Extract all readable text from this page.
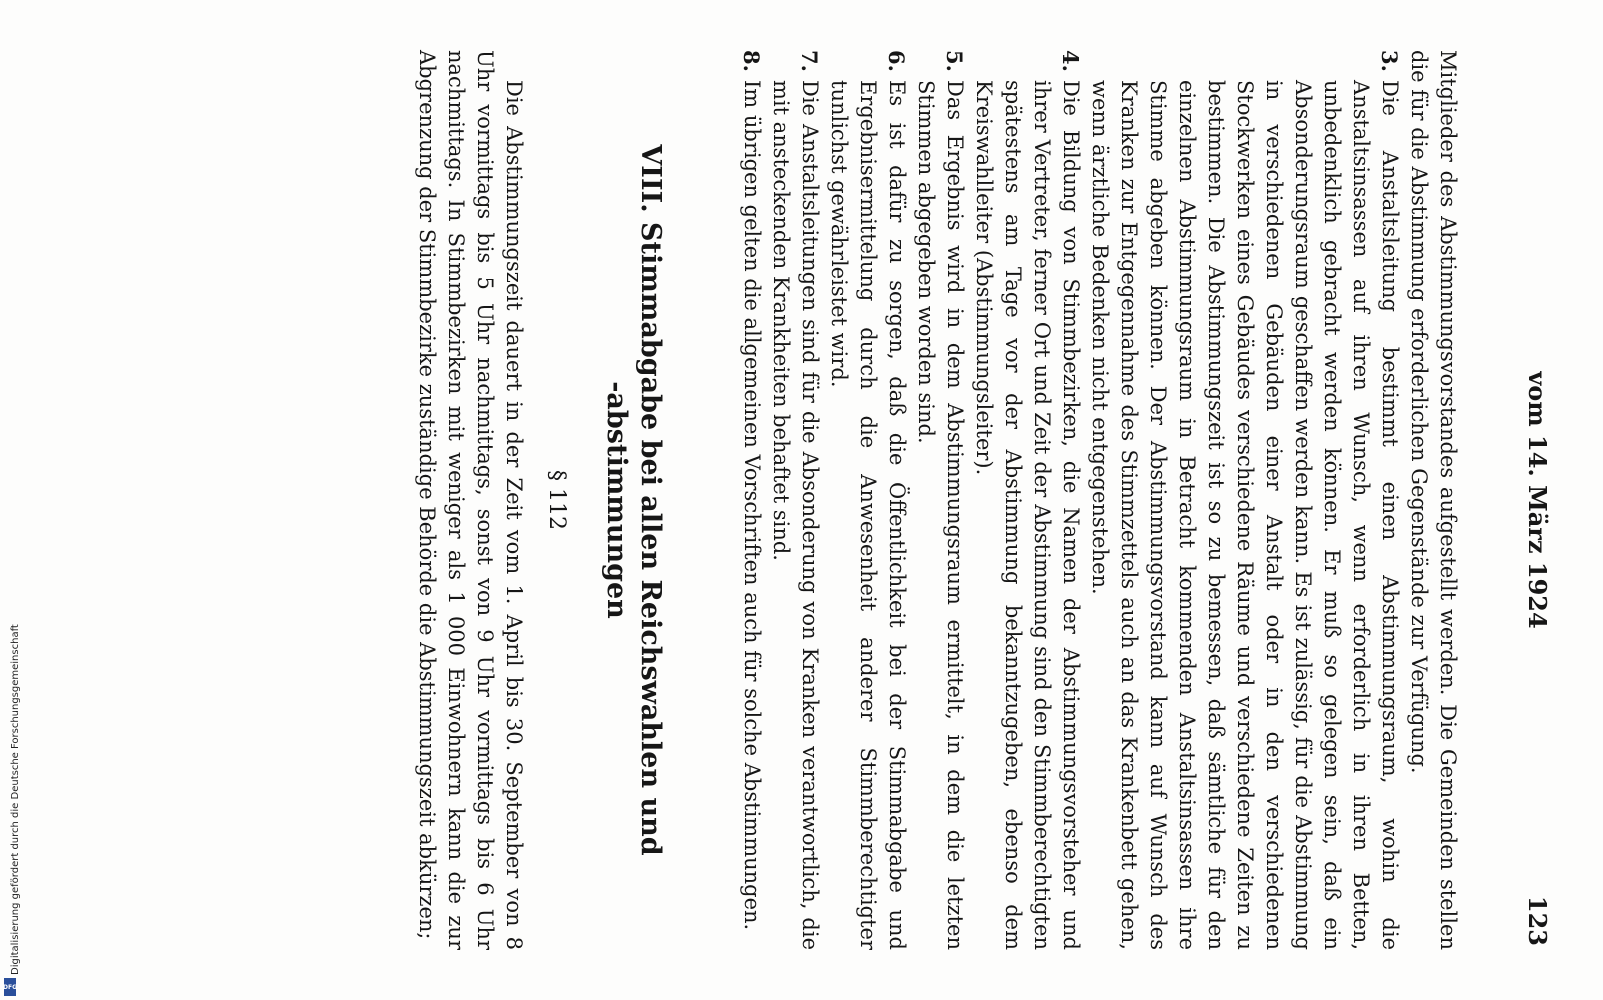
vom 14. März 1924
123

Mitglieder des Abstimmungsvorstandes aufgestellt werden. Die Gemeinden stellen die für die Abstimmung erforderlichen Gegenstände zur Verfügung.

3.

Die Anstaltsleitung bestimmt einen Abstimmungsraum, wohin die Anstaltsinsassen auf ihren Wunsch, wenn erforderlich in ihren Betten, unbedenklich gebracht werden können. Er muß so gelegen sein, daß ein Absonderungsraum geschaffen werden kann. Es ist zulässig, für die Abstimmung in verschiedenen Gebäuden einer Anstalt oder in den verschiedenen Stockwerken eines Gebäudes verschiedene Räume und verschiedene Zeiten zu bestimmen. Die Abstimmungszeit ist so zu bemessen, daß sämtliche für den einzelnen Abstimmungsraum in Betracht kommenden Anstaltsinsassen ihre Stimme abgeben können. Der Abstimmungsvorstand kann auf Wunsch des Kranken zur Entgegennahme des Stimmzettels auch an das Krankenbett gehen, wenn ärztliche Bedenken nicht entgegenstehen.

4.

Die Bildung von Stimmbezirken, die Namen der Abstimmungsvorsteher und ihrer Vertreter, ferner Ort und Zeit der Abstimmung sind den Stimmberechtigten spätestens am Tage vor der Abstimmung bekanntzugeben, ebenso dem Kreiswahlleiter (Abstimmungsleiter).

5.

Das Ergebnis wird in dem Abstimmungsraum ermittelt, in dem die letzten Stimmen abgegeben worden sind.

6.

Es ist dafür zu sorgen, daß die Öffentlichkeit bei der Stimmabgabe und Ergebnisermittelung durch die Anwesenheit anderer Stimmberechtigter tunlichst gewährleistet wird.

7.

Die Anstaltsleitungen sind für die Absonderung von Kranken verantwortlich, die mit ansteckenden Krankheiten behaftet sind.

8.

Im übrigen gelten die allgemeinen Vorschriften auch für solche Abstimmungen.

VIII. Stimmabgabe bei allen Reichswahlen und
-abstimmungen
§ 112

Die Abstimmungszeit dauert in der Zeit vom 1. April bis 30. September von 8 Uhr vormittags bis 5 Uhr nachmittags, sonst von 9 Uhr vormittags bis 6 Uhr nachmittags. In Stimmbezirken mit weniger als 1 000 Einwohnern kann die zur Abgrenzung der Stimmbezirke zuständige Behörde die Abstimmungszeit abkürzen;

Digitalisierung gefördert durch die Deutsche Forschungsgemeinschaft
DFG
